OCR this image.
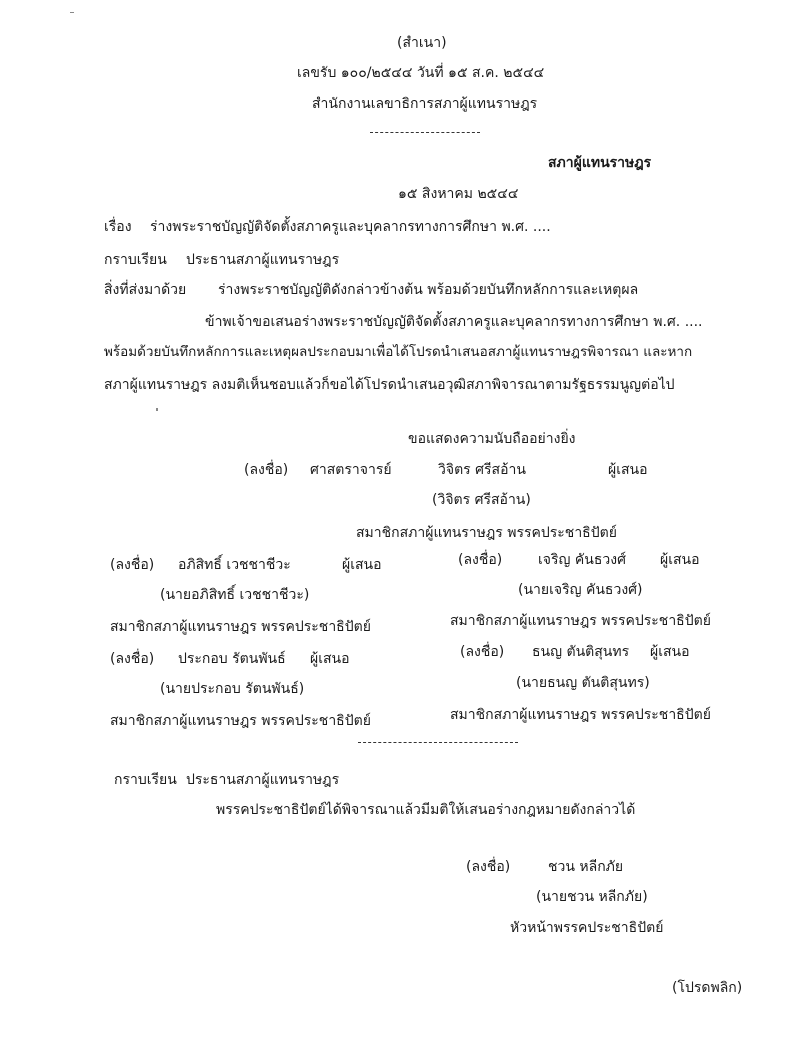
(สำเนา)
เลขรับ ๑๐๐/๒๕๔๔ วันที่ ๑๕ ส.ค. ๒๕๔๔
สำนักงานเลขาธิการสภาผู้แทนราษฎร
สภาผู้แทนราษฎร
๑๕ สิงหาคม ๒๕๔๔
เรื่อง ร่างพระราชบัญญัติจัดตั้งสภาครูและบุคลากรทางการศึกษา พ.ศ. ....
กราบเรียน ประธานสภาผู้แทนราษฎร
สิ่งที่ส่งมาด้วย ร่างพระราชบัญญัติดังกล่าวข้างต้น พร้อมด้วยบันทึกหลักการและเหตุผล
ข้าพเจ้าขอเสนอร่างพระราชบัญญัติจัดตั้งสภาครูและบุคลากรทางการศึกษา พ.ศ. ....
พร้อมด้วยบันทึกหลักการและเหตุผลประกอบมาเพื่อได้โปรดนำเสนอสภาผู้แทนราษฎรพิจารณา และหาก
สภาผู้แทนราษฎร ลงมติเห็นชอบแล้วก็ขอได้โปรดนำเสนอวุฒิสภาพิจารณาตามรัฐธรรมนูญต่อไป
ขอแสดงความนับถืออย่างยิ่ง
(ลงชื่อ) ศาสตราจารย์	วิจิตร ศรีสอ้าน	ผู้เสนอ
(วิจิตร ศรีสอ้าน)
สมาชิกสภาผู้แทนราษฎร พรรคประชาธิปัตย์
(ลงชื่อ) อภิสิทธิ์ เวชชาชีวะ	ผู้เสนอ	(ลงชื่อ)	เจริญ คันธวงศ์ ผู้เสนอ
(นายอภิสิทธิ์ เวชชาชีวะ)	(นายเจริญ คันธวงศ์)
สมาชิกสภาผู้แทนราษฎร พรรคประชาธิปัตย์	สมาชิกสภาผู้แทนราษฎร พรรคประชาธิปัตย์
(ลงชื่อ) ประกอบ รัตนพันธ์ ผู้เสนอ	(ลงชื่อ) ธนญ ตันติสุนทร ผู้เสนอ
(นายประกอบ รัตนพันธ์)	(นายธนญ ตันติสุนทร)
สมาชิกสภาผู้แทนราษฎร พรรคประชาธิปัตย์	สมาชิกสภาผู้แทนราษฎร พรรคประชาธิปัตย์
กราบเรียน ประธานสภาผู้แทนราษฎร
พรรคประชาธิปัตย์ได้พิจารณาแล้วมีมติให้เสนอร่างกฎหมายดังกล่าวได้
(ลงชื่อ)	ชวน หลีกภัย
(นายชวน หลีกภัย)
หัวหน้าพรรคประชาธิปัตย์
(โปรดพลิก)
